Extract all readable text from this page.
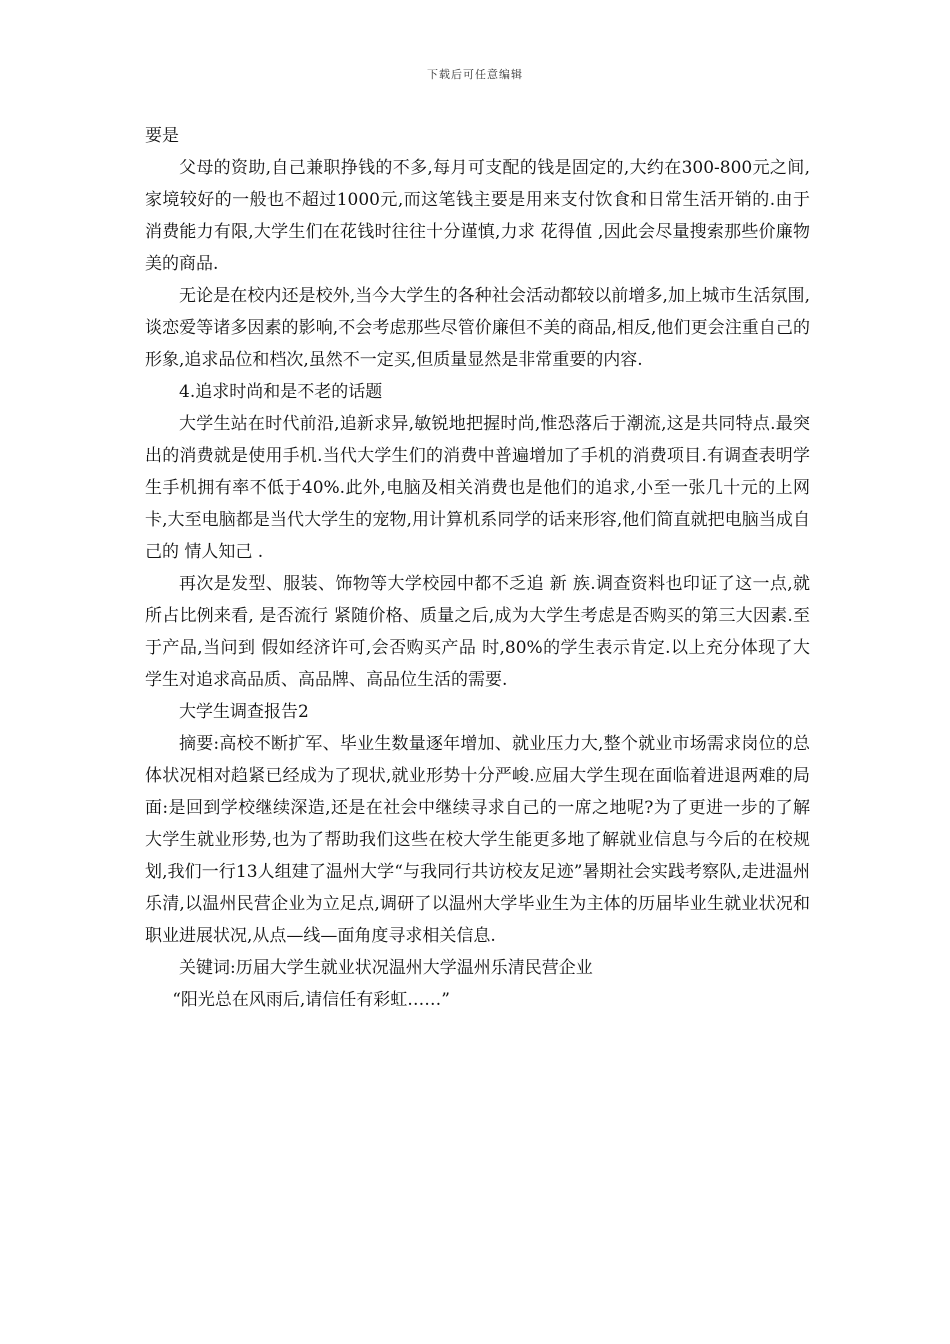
下载后可任意编辑

要是

父母的资助,自己兼职挣钱的不多,每月可支配的钱是固定的,大约在300-800元之间,家境较好的一般也不超过1000元,而这笔钱主要是用来支付饮食和日常生活开销的.由于消费能力有限,大学生们在花钱时往往十分谨慎,力求 花得值 ,因此会尽量搜索那些价廉物美的商品.

无论是在校内还是校外,当今大学生的各种社会活动都较以前增多,加上城市生活氛围,谈恋爱等诸多因素的影响,不会考虑那些尽管价廉但不美的商品,相反,他们更会注重自己的形象,追求品位和档次,虽然不一定买,但质量显然是非常重要的内容.

4.追求时尚和是不老的话题

大学生站在时代前沿,追新求异,敏锐地把握时尚,惟恐落后于潮流,这是共同特点.最突出的消费就是使用手机.当代大学生们的消费中普遍增加了手机的消费项目.有调查表明学生手机拥有率不低于40%.此外,电脑及相关消费也是他们的追求,小至一张几十元的上网卡,大至电脑都是当代大学生的宠物,用计算机系同学的话来形容,他们简直就把电脑当成自己的 情人知己 .

再次是发型、服装、饰物等大学校园中都不乏追 新 族.调查资料也印证了这一点,就所占比例来看, 是否流行 紧随价格、质量之后,成为大学生考虑是否购买的第三大因素.至于产品,当问到 假如经济许可,会否购买产品 时,80%的学生表示肯定.以上充分体现了大学生对追求高品质、高品牌、高品位生活的需要.

大学生调查报告2

摘要:高校不断扩军、毕业生数量逐年增加、就业压力大,整个就业市场需求岗位的总体状况相对趋紧已经成为了现状,就业形势十分严峻.应届大学生现在面临着进退两难的局面:是回到学校继续深造,还是在社会中继续寻求自己的一席之地呢?为了更进一步的了解大学生就业形势,也为了帮助我们这些在校大学生能更多地了解就业信息与今后的在校规划,我们一行13人组建了温州大学“与我同行共访校友足迹”暑期社会实践考察队,走进温州乐清,以温州民营企业为立足点,调研了以温州大学毕业生为主体的历届毕业生就业状况和职业进展状况,从点—线—面角度寻求相关信息.

关键词:历届大学生就业状况温州大学温州乐清民营企业

“阳光总在风雨后,请信任有彩虹……”
